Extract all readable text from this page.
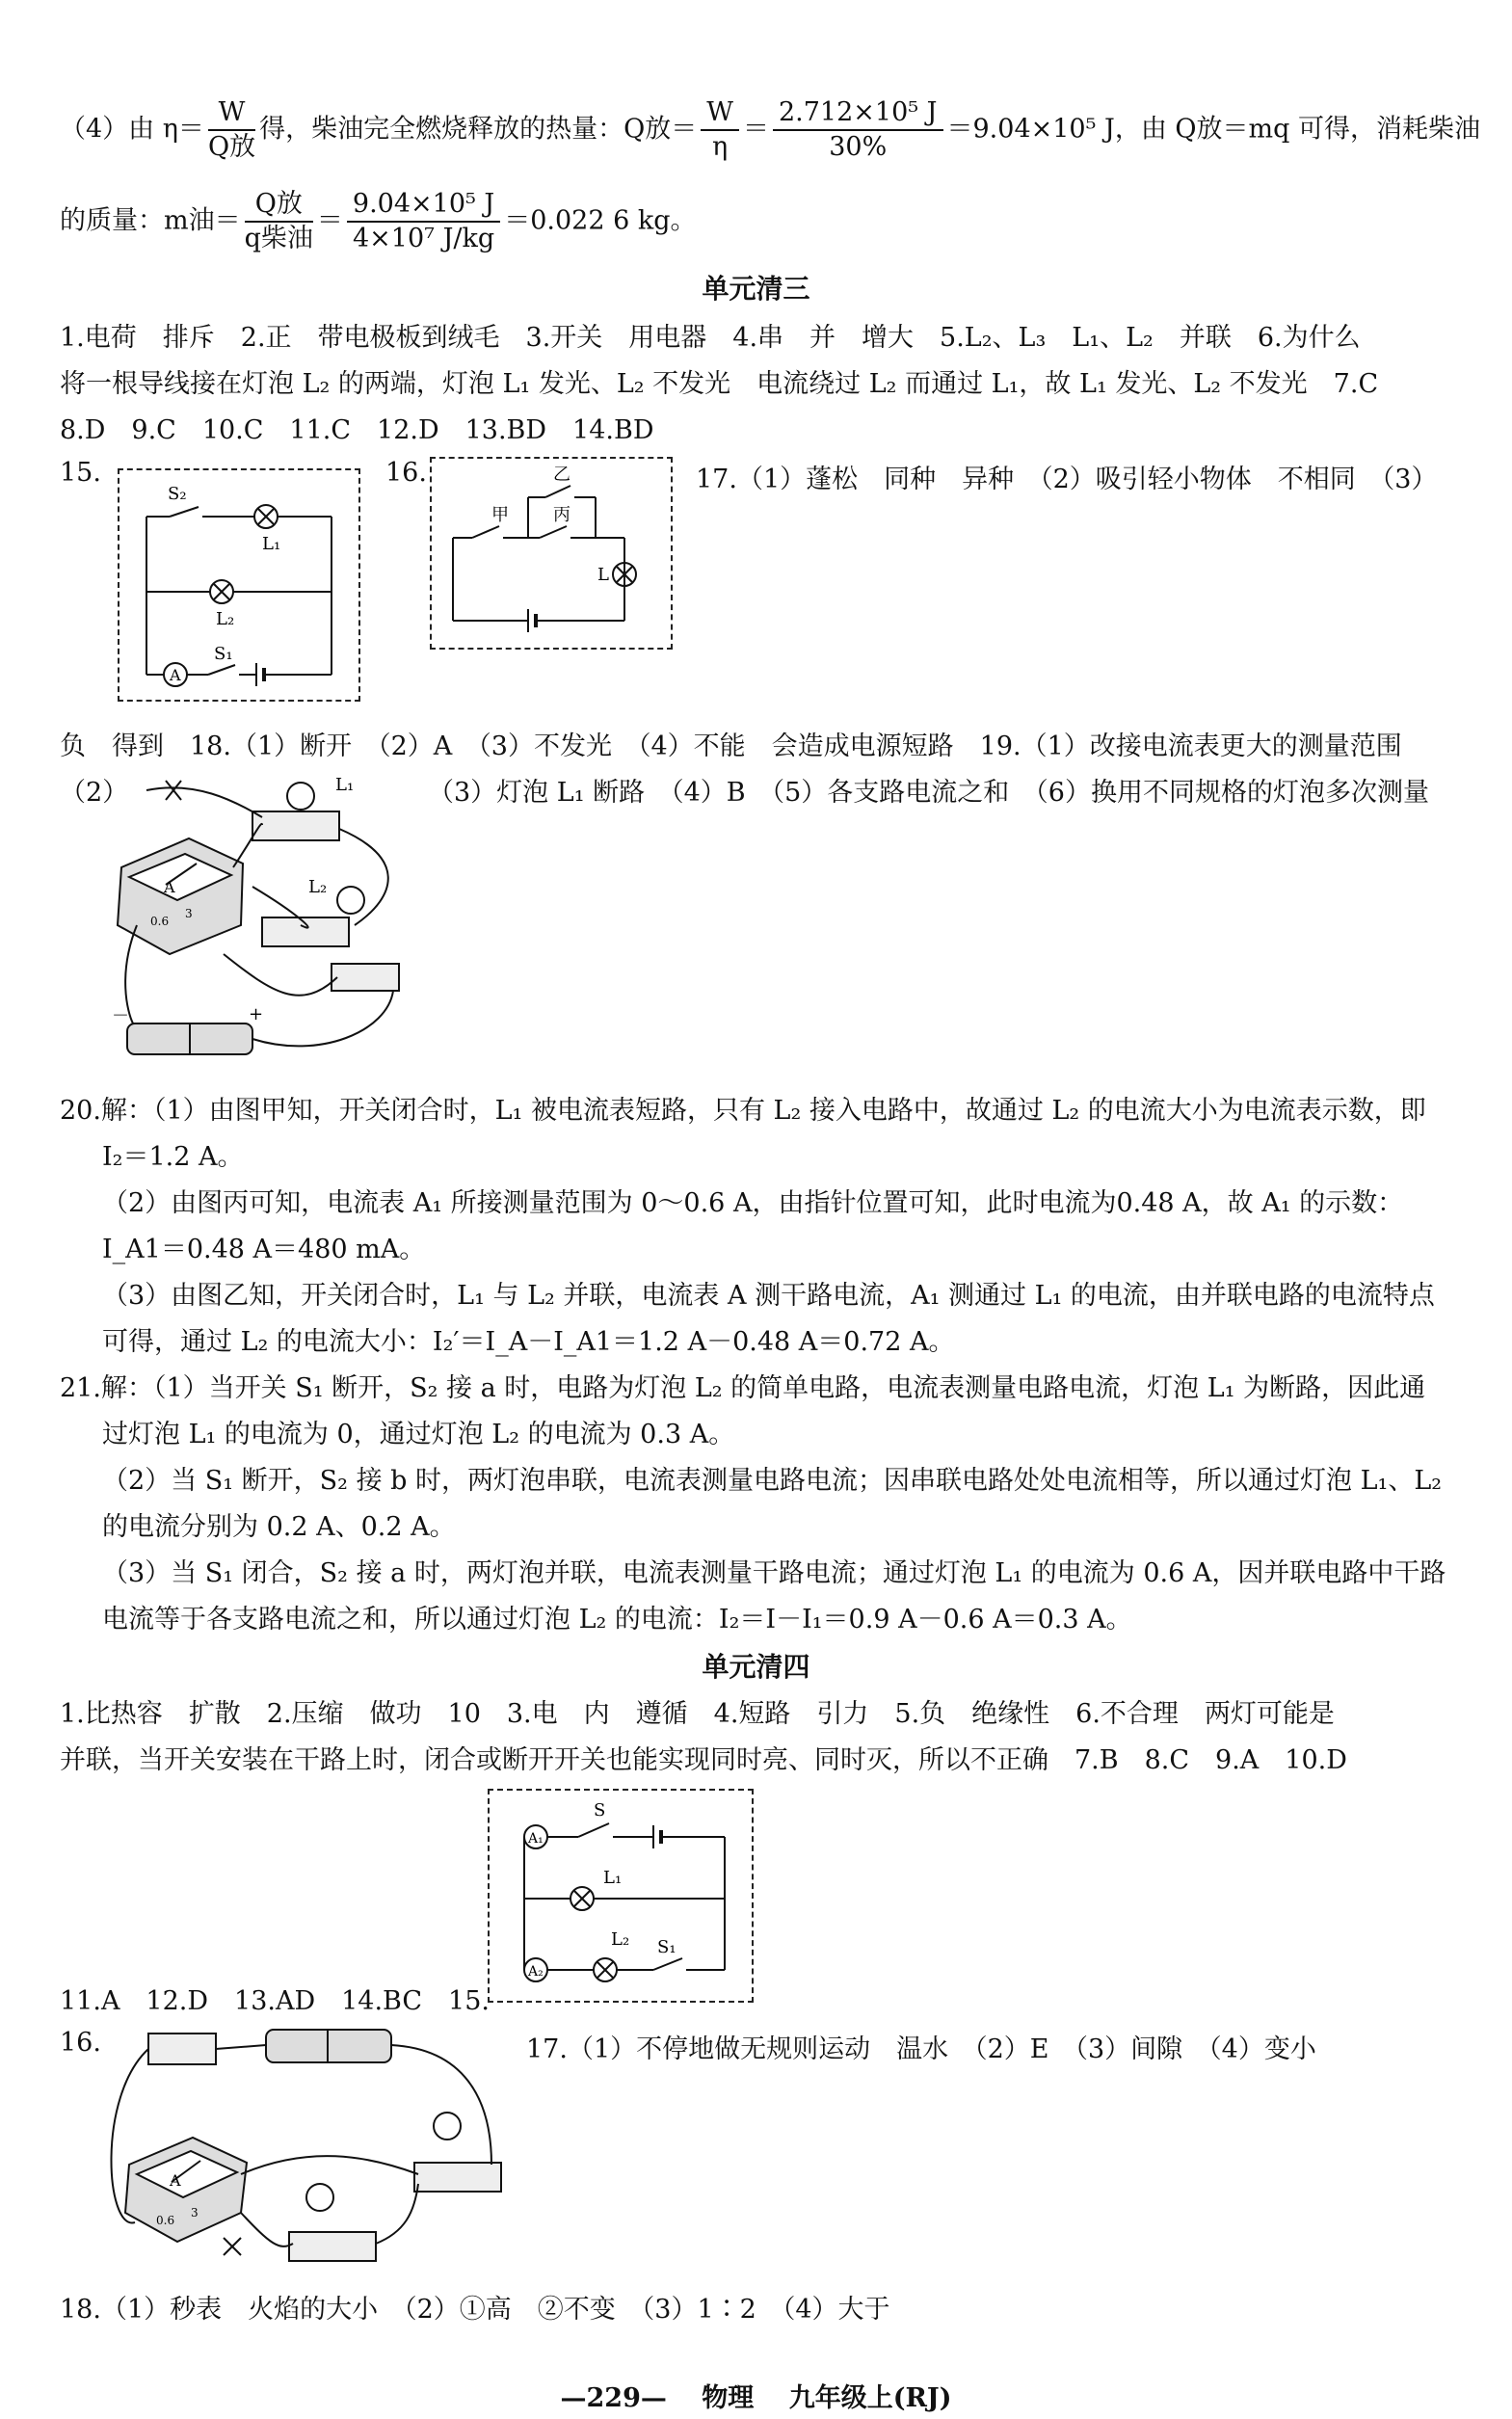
（4）由 $\eta= \frac{W}{\text{Q放}}$ 得，柴油完全燃烧释放的热量：Q放＝ $\frac{W}{\eta} = \frac{\text{2.712×10⁵ J}}{30\%} =9.04\times 10^5$ J，由 Q放＝mq 可得，消耗柴油
的质量：m油＝ $\frac{\text{Q放}}{\text{q柴油}} = \frac{\text{9.04×10⁵ J}}{\text{4×10⁷ J/kg}} =0.022$ 6 kg。
单元清三
1.电荷　排斥　2.正　带电极板到绒毛　3.开关　用电器　4.串　并　增大　5.L₂、L₃　L₁、L₂　并联　6.为什么
将一根导线接在灯泡 L₂ 的两端，灯泡 L₁ 发光、L₂ 不发光　电流绕过 L₂ 而通过 L₁，故 L₁ 发光、L₂ 不发光　7.C
8.D　9.C　10.C　11.C　12.D　13.BD　14.BD
15.
S₂
L₁
L₂
A
S₁
16.
甲
乙
丙
L
17.（1）蓬松　同种　异种　（2）吸引轻小物体　不相同　（3）
负　得到　18.（1）断开　（2）A　（3）不发光　（4）不能　会造成电源短路　19.（1）改接电流表更大的测量范围
（2）	（3）灯泡 L₁ 断路　（4）B　（5）各支路电流之和　（6）换用不同规格的灯泡多次测量
L₁
L₂
A
0.6
3
－	+
20.解：（1）由图甲知，开关闭合时，L₁ 被电流表短路，只有 L₂ 接入电路中，故通过 L₂ 的电流大小为电流表示数，即
I₂＝1.2 A。
（2）由图丙可知，电流表 A₁ 所接测量范围为 0～0.6 A，由指针位置可知，此时电流为0.48 A，故 A₁ 的示数：
I_A1＝0.48 A＝480 mA。
（3）由图乙知，开关闭合时，L₁ 与 L₂ 并联，电流表 A 测干路电流，A₁ 测通过 L₁ 的电流，由并联电路的电流特点
可得，通过 L₂ 的电流大小：I₂′＝I_A－I_A1＝1.2 A－0.48 A＝0.72 A。
21.解：（1）当开关 S₁ 断开，S₂ 接 a 时，电路为灯泡 L₂ 的简单电路，电流表测量电路电流，灯泡 L₁ 为断路，因此通
过灯泡 L₁ 的电流为 0，通过灯泡 L₂ 的电流为 0.3 A。
（2）当 S₁ 断开，S₂ 接 b 时，两灯泡串联，电流表测量电路电流；因串联电路处处电流相等，所以通过灯泡 L₁、L₂
的电流分别为 0.2 A、0.2 A。
（3）当 S₁ 闭合，S₂ 接 a 时，两灯泡并联，电流表测量干路电流；通过灯泡 L₁ 的电流为 0.6 A，因并联电路中干路
电流等于各支路电流之和，所以通过灯泡 L₂ 的电流：I₂＝I－I₁＝0.9 A－0.6 A＝0.3 A。
单元清四
1.比热容　扩散　2.压缩　做功　10　3.电　内　遵循　4.短路　引力　5.负　绝缘性　6.不合理　两灯可能是
并联，当开关安装在干路上时，闭合或断开开关也能实现同时亮、同时灭，所以不正确　7.B　8.C　9.A　10.D
A₁
S
L₁
A₂
L₂ S₁
11.A　12.D　13.AD　14.BC　15.
16.	17.（1）不停地做无规则运动　温水　（2）E　（3）间隙　（4）变小
A
0.6
3
18.（1）秒表　火焰的大小　（2）①高　②不变　（3）1∶2　（4）大于
—229—　 物理　 九年级上(RJ)
